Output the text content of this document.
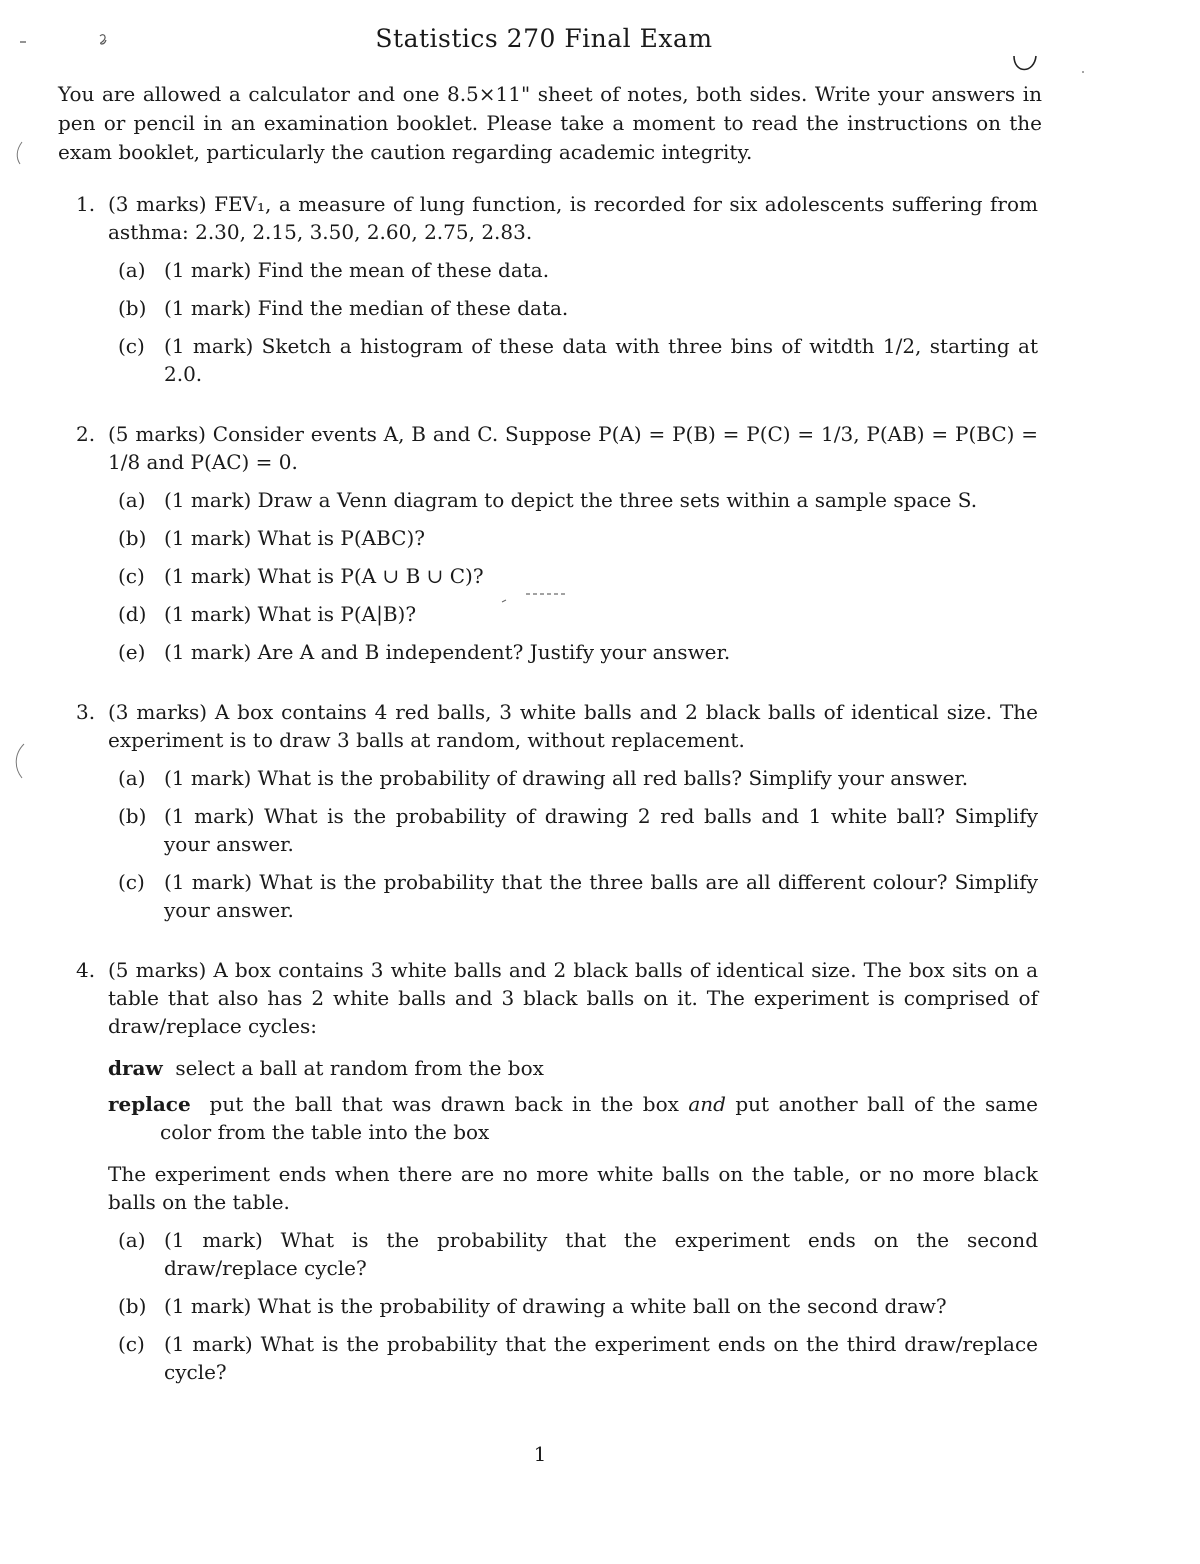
Statistics 270 Final Exam
You are allowed a calculator and one 8.5×11" sheet of notes, both sides. Write your answers in pen or pencil in an examination booklet. Please take a moment to read the instructions on the exam booklet, particularly the caution regarding academic integrity.
1. (3 marks) FEV₁, a measure of lung function, is recorded for six adolescents suffering from asthma: 2.30, 2.15, 3.50, 2.60, 2.75, 2.83.
(a) (1 mark) Find the mean of these data.
(b) (1 mark) Find the median of these data.
(c) (1 mark) Sketch a histogram of these data with three bins of witdth 1/2, starting at 2.0.
2. (5 marks) Consider events A, B and C. Suppose P(A) = P(B) = P(C) = 1/3, P(AB) = P(BC) = 1/8 and P(AC) = 0.
(a) (1 mark) Draw a Venn diagram to depict the three sets within a sample space S.
(b) (1 mark) What is P(ABC)?
(c) (1 mark) What is P(A ∪ B ∪ C)?
(d) (1 mark) What is P(A|B)?
(e) (1 mark) Are A and B independent? Justify your answer.
3. (3 marks) A box contains 4 red balls, 3 white balls and 2 black balls of identical size. The experiment is to draw 3 balls at random, without replacement.
(a) (1 mark) What is the probability of drawing all red balls? Simplify your answer.
(b) (1 mark) What is the probability of drawing 2 red balls and 1 white ball? Simplify your answer.
(c) (1 mark) What is the probability that the three balls are all different colour? Simplify your answer.
4. (5 marks) A box contains 3 white balls and 2 black balls of identical size. The box sits on a table that also has 2 white balls and 3 black balls on it. The experiment is comprised of draw/replace cycles:
draw select a ball at random from the box
replace put the ball that was drawn back in the box and put another ball of the same color from the table into the box
The experiment ends when there are no more white balls on the table, or no more black balls on the table.
(a) (1 mark) What is the probability that the experiment ends on the second draw/replace cycle?
(b) (1 mark) What is the probability of drawing a white ball on the second draw?
(c) (1 mark) What is the probability that the experiment ends on the third draw/replace cycle?
1
